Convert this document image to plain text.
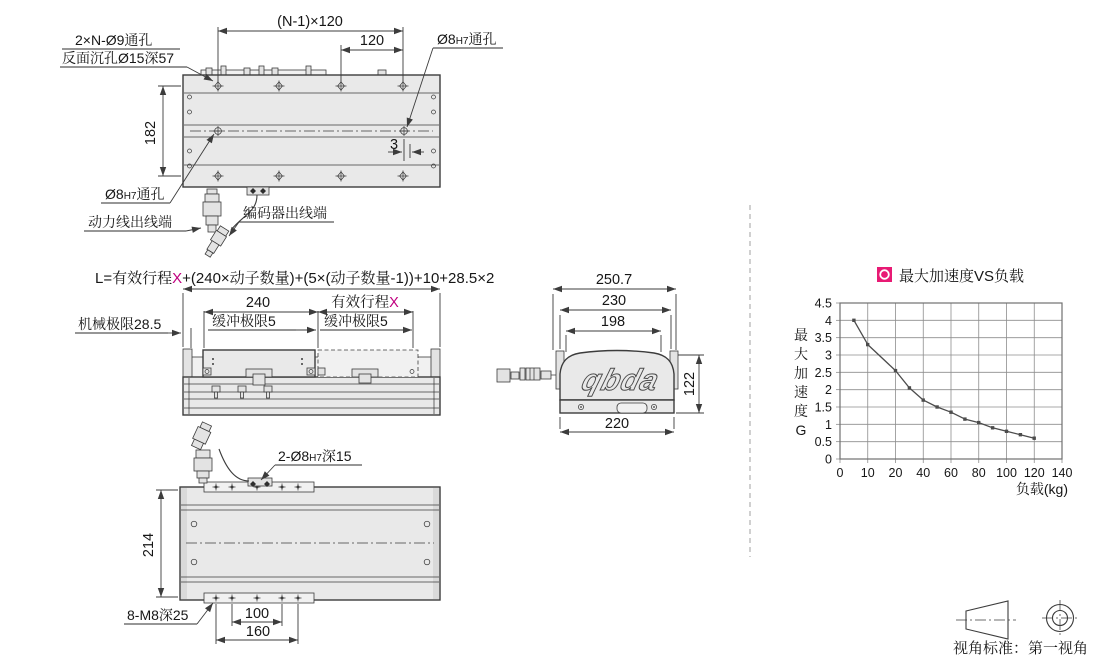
(N-1)×120
120
2×N-Ø9通孔
反面沉孔Ø15深57
Ø8H7通孔
182	3
Ø8H7通孔
动力线出线端
编码器出线端
L=有效行程X+(240×动子数量)+(5×(动子数量-1))+10+28.5×2
240	有效行程X
缓冲极限5	缓冲极限5
机械极限28.5
qbda
250.7
230
198
122
220
2-Ø8H7深15
214
8-M8深25	100
160
最大加速度VS负载
0 10 20 40 60 80 100 120 140
0
0.5
1
1.5
2
2.5
3
3.5
4
4.5
最
大
加
速
度
G
负载(kg)
视角标准：第一视角
